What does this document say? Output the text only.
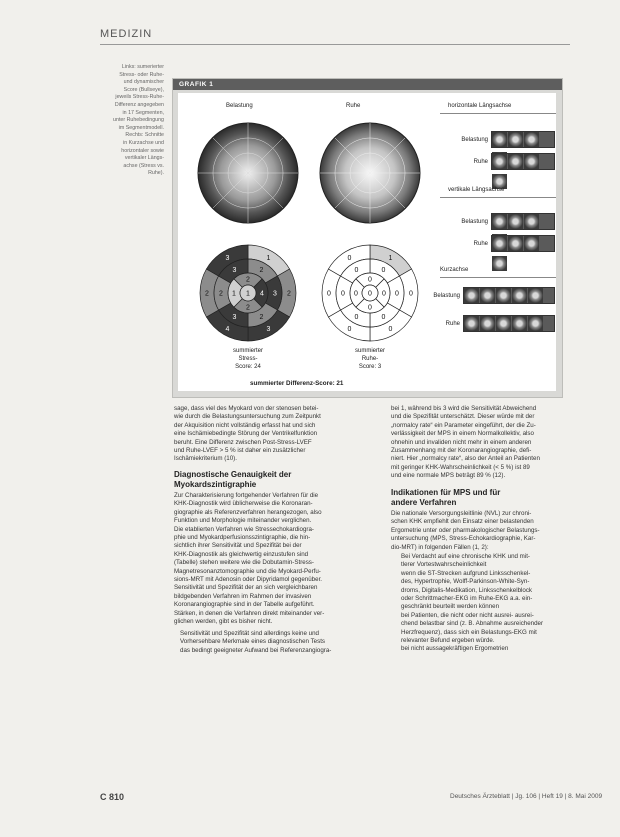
MEDIZIN
Links: sumerierter
Stress- oder Ruhe-
und dynamischer
Score (Bullseye),
jeweils Stress-Ruhe-
Differenz angegeben
in 17 Segmenten,
unter Ruhebedingung
im Segmentmodell.
Rechts: Schnitte
in Kurzachse und
horizontaler sowie
vertikaler Längs-
achse (Stress vs.
Ruhe).
GRAFIK 1
Belastung	Ruhe
1
2
3
4
2
3
2
3
2
3
2
3
2
4
2
1 1
1
0
0
0
0
0
0
0
0
0
0
0
0
0
0
0 0
summierter
Stress-
Score: 24
summierter
Ruhe-
Score: 3
summierter Differenz-Score: 21
horizontale Längsachse
Belastung
Ruhe
vertikale Längsachse
Belastung
Ruhe
Kurzachse
Belastung
Ruhe
sage, dass viel des Myokard von der stenosen betei-
wie durch die Belastungsuntersuchung zum Zeitpunkt
der Akquisition nicht vollständig erfasst hat und sich
eine Ischämiebedingte Störung der Ventrikelfunktion
beruht. Eine Differenz zwischen Post-Stress-LVEF
und Ruhe-LVEF > 5 % ist daher ein zusätzlicher
Ischämiekriterium (10).
Diagnostische Genauigkeit der
Myokardszintigraphie
Zur Charakterisierung fortgehender Verfahren für die
KHK-Diagnostik wird üblicherweise die Koronaran-
giographie als Referenzverfahren herangezogen, also
Funktion und Morphologie miteinander verglichen.
Die etablierten Verfahren wie Stressechokardiogra-
phie und Myokardperfusionsszintigraphie, die hin-
sichtlich ihrer Sensitivität und Spezifität bei der
KHK-Diagnostik als gleichwertig einzustufen sind
(Tabelle) stehen weitere wie die Dobutamin-Stress-
Magnetresonanztomographie und die Myokard-Perfu-
sions-MRT mit Adenosin oder Dipyridamol gegenüber.
Sensitivität und Spezifität der an sich vergleichbaren
bildgebenden Verfahren im Rahmen der invasiven
Koronarangiographie sind in der Tabelle aufgeführt.
Stärken, in denen die Verfahren direkt miteinander ver-
glichen werden, gibt es bisher nicht.
Sensitivität und Spezifität sind allerdings keine und
Vorhersehbare Merkmale eines diagnostischen Tests
das bedingt geeigneter Aufwand bei Referenzangiogra-
bei 1, während bis 3 wird die Sensitivität Abweichend
und die Spezifität unterschätzt. Dieser würde mit der
„normalcy rate“ ein Parameter eingeführt, der die Zu-
verlässigkeit der MPS in einem Normalkollektiv, also
ohnehin und invaliden nicht mehr in einem anderen
Zusammenhang mit der Koronarangiographie, defi-
niert. Hier „normalcy rate“, also der Anteil an Patienten
mit geringer KHK-Wahrscheinlichkeit (< 5 %) ist 89
und eine normale MPS beträgt 89 % (12).
Indikationen für MPS und für
andere Verfahren
Die nationale Versorgungsleitlinie (NVL) zur chroni-
schen KHK empfiehlt den Einsatz einer belastenden
Ergometrie unter oder pharmakologischer Belastungs-
untersuchung (MPS, Stress-Echokardiographie, Kar-
dio-MRT) in folgenden Fällen (1, 2):
Bei Verdacht auf eine chronische KHK und mit-
tlerer Vortestwahrscheinlichkeit
wenn die ST-Strecken aufgrund Linksschenkel-
des, Hypertrophie, Wolff-Parkinson-White-Syn-
droms, Digitalis-Medikation, Linksschenkelblock
oder Schrittmacher-EKG im Ruhe-EKG a.a. ein-
geschränkt beurteilt werden können
bei Patienten, die nicht oder nicht ausrei- ausrei-
chend belastbar sind (z. B. Abnahme ausreichender
Herzfrequenz), dass sich ein Belastungs-EKG mit
relevanter Befund ergeben würde.
bei nicht aussagekräftigen Ergometrien
C 810	Deutsches Ärzteblatt | Jg. 106 | Heft 19 | 8. Mai 2009
